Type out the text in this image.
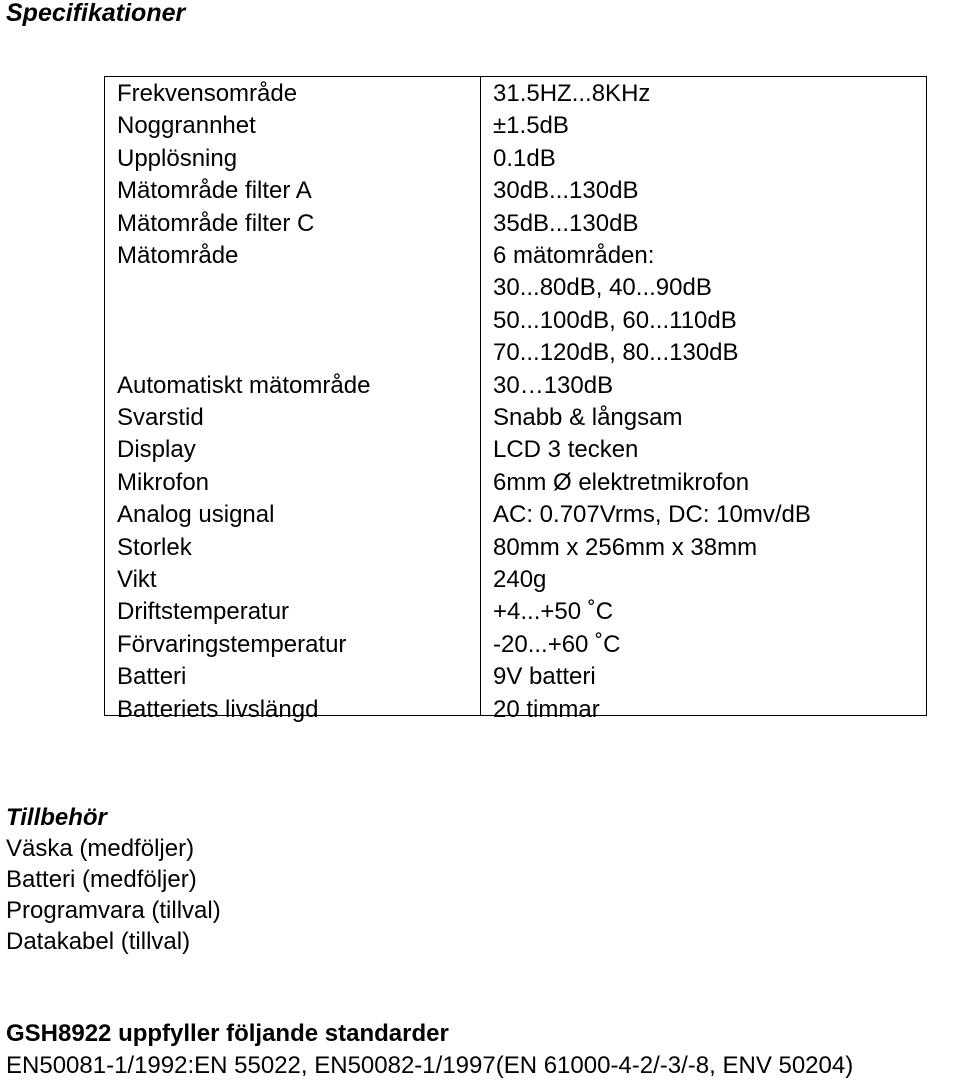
Specifikationer
Frekvensområde	31.5HZ...8KHz
Noggrannhet	±1.5dB
Upplösning	0.1dB
Mätområde filter A	30dB...130dB
Mätområde filter C	35dB...130dB
Mätområde	6 mätområden:
30...80dB, 40...90dB
50...100dB, 60...110dB
70...120dB, 80...130dB
Automatiskt mätområde	30…130dB
Svarstid	Snabb & långsam
Display	LCD 3 tecken
Mikrofon	6mm Ø elektretmikrofon
Analog usignal	AC: 0.707Vrms, DC: 10mv/dB
Storlek	80mm x 256mm x 38mm
Vikt	240g
Driftstemperatur	+4...+50 ˚C
Förvaringstemperatur	-20...+60 ˚C
Batteri	9V batteri
Batteriets livslängd	20 timmar
Tillbehör
Väska (medföljer)
Batteri (medföljer)
Programvara (tillval)
Datakabel (tillval)
GSH8922 uppfyller följande standarder
EN50081-1/1992:EN 55022, EN50082-1/1997(EN 61000-4-2/-3/-8, ENV 50204)
